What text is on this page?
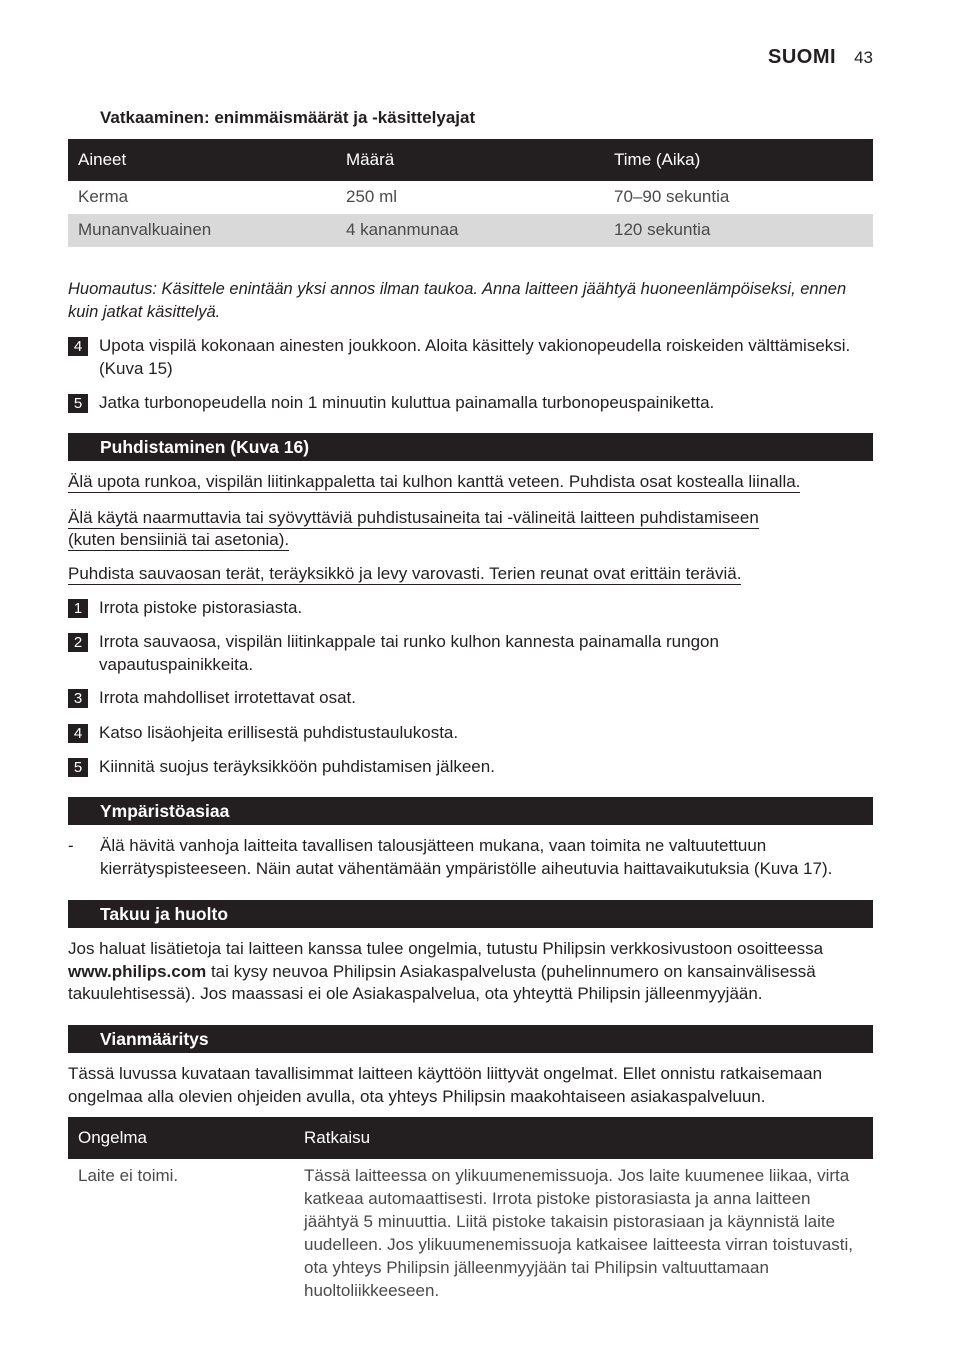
SUOMI 43
Vatkaaminen: enimmäismäärät ja -käsittelyajat
Aineet	Määrä	Time (Aika)
Kerma	250 ml	70–90 sekuntia
Munanvalkuainen	4 kananmunaa	120 sekuntia
Huomautus: Käsittele enintään yksi annos ilman taukoa. Anna laitteen jäähtyä huoneenlämpöiseksi, ennen kuin jatkat käsittelyä.
4 Upota vispilä kokonaan ainesten joukkoon. Aloita käsittely vakionopeudella roiskeiden välttämiseksi. (Kuva 15)
5 Jatka turbonopeudella noin 1 minuutin kuluttua painamalla turbonopeuspainiketta.
Puhdistaminen (Kuva 16)
Älä upota runkoa, vispilän liitinkappaletta tai kulhon kanttä veteen. Puhdista osat kostealla liinalla.
Älä käytä naarmuttavia tai syövyttäviä puhdistusaineita tai -välineitä laitteen puhdistamiseen
(kuten bensiiniä tai asetonia).
Puhdista sauvaosan terät, teräyksikkö ja levy varovasti. Terien reunat ovat erittäin teräviä.
1 Irrota pistoke pistorasiasta.
2 Irrota sauvaosa, vispilän liitinkappale tai runko kulhon kannesta painamalla rungon vapautuspainikkeita.
3 Irrota mahdolliset irrotettavat osat.
4 Katso lisäohjeita erillisestä puhdistustaulukosta.
5 Kiinnitä suojus teräyksikköön puhdistamisen jälkeen.
Ympäristöasiaa
-	Älä hävitä vanhoja laitteita tavallisen talousjätteen mukana, vaan toimita ne valtuutettuun kierrätyspisteeseen. Näin autat vähentämään ympäristölle aiheutuvia haittavaikutuksia (Kuva 17).
Takuu ja huolto
Jos haluat lisätietoja tai laitteen kanssa tulee ongelmia, tutustu Philipsin verkkosivustoon osoitteessa www.philips.com tai kysy neuvoa Philipsin Asiakaspalvelusta (puhelinnumero on kansainvälisessä takuulehtisessä). Jos maassasi ei ole Asiakaspalvelua, ota yhteyttä Philipsin jälleenmyyjään.
Vianmääritys
Tässä luvussa kuvataan tavallisimmat laitteen käyttöön liittyvät ongelmat. Ellet onnistu ratkaisemaan ongelmaa alla olevien ohjeiden avulla, ota yhteys Philipsin maakohtaiseen asiakaspalveluun.
Ongelma	Ratkaisu
Laite ei toimi.	Tässä laitteessa on ylikuumenemissuoja. Jos laite kuumenee liikaa, virta katkeaa automaattisesti. Irrota pistoke pistorasiasta ja anna laitteen jäähtyä 5 minuuttia. Liitä pistoke takaisin pistorasiaan ja käynnistä laite uudelleen. Jos ylikuumenemissuoja katkaisee laitteesta virran toistuvasti, ota yhteys Philipsin jälleenmyyjään tai Philipsin valtuuttamaan huoltoliikkeeseen.
